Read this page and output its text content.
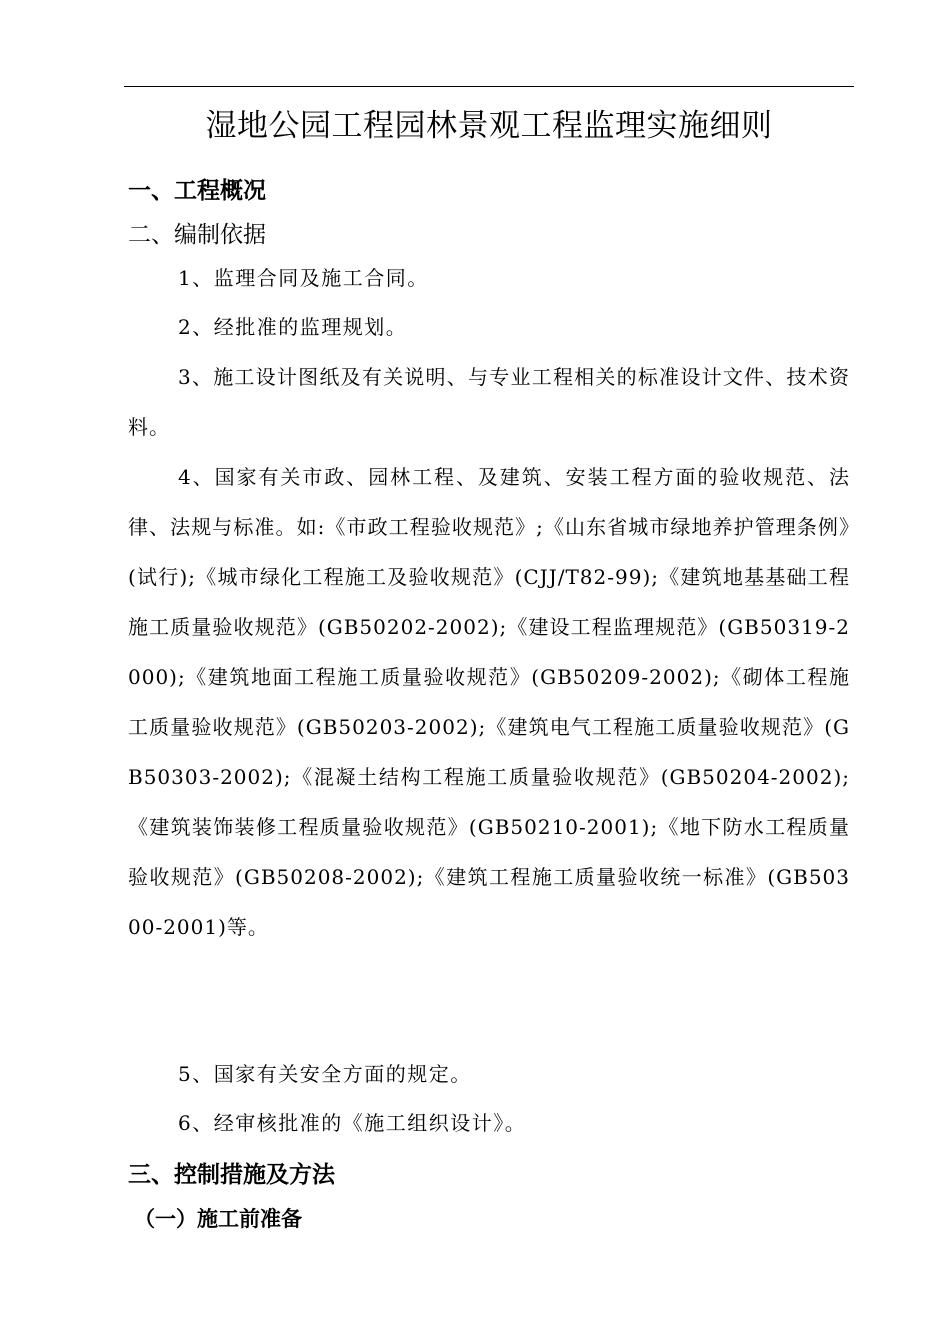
湿地公园工程园林景观工程监理实施细则
一、工程概况
二、编制依据
1、监理合同及施工合同。
2、经批准的监理规划。
3、施工设计图纸及有关说明、与专业工程相关的标准设计文件、技术资料。
4、国家有关市政、园林工程、及建筑、安装工程方面的验收规范、法律、法规与标准。如:《市政工程验收规范》;《山东省城市绿地养护管理条例》(试行);《城市绿化工程施工及验收规范》(CJJ/T82-99);《建筑地基基础工程施工质量验收规范》(GB50202-2002);《建设工程监理规范》(GB50319-2000);《建筑地面工程施工质量验收规范》(GB50209-2002);《砌体工程施工质量验收规范》(GB50203-2002);《建筑电气工程施工质量验收规范》(GB50303-2002);《混凝土结构工程施工质量验收规范》(GB50204-2002);《建筑装饰装修工程质量验收规范》(GB50210-2001);《地下防水工程质量验收规范》(GB50208-2002);《建筑工程施工质量验收统一标准》(GB50300-2001)等。
5、国家有关安全方面的规定。
6、经审核批准的《施工组织设计》。
三、控制措施及方法
（一）施工前准备
